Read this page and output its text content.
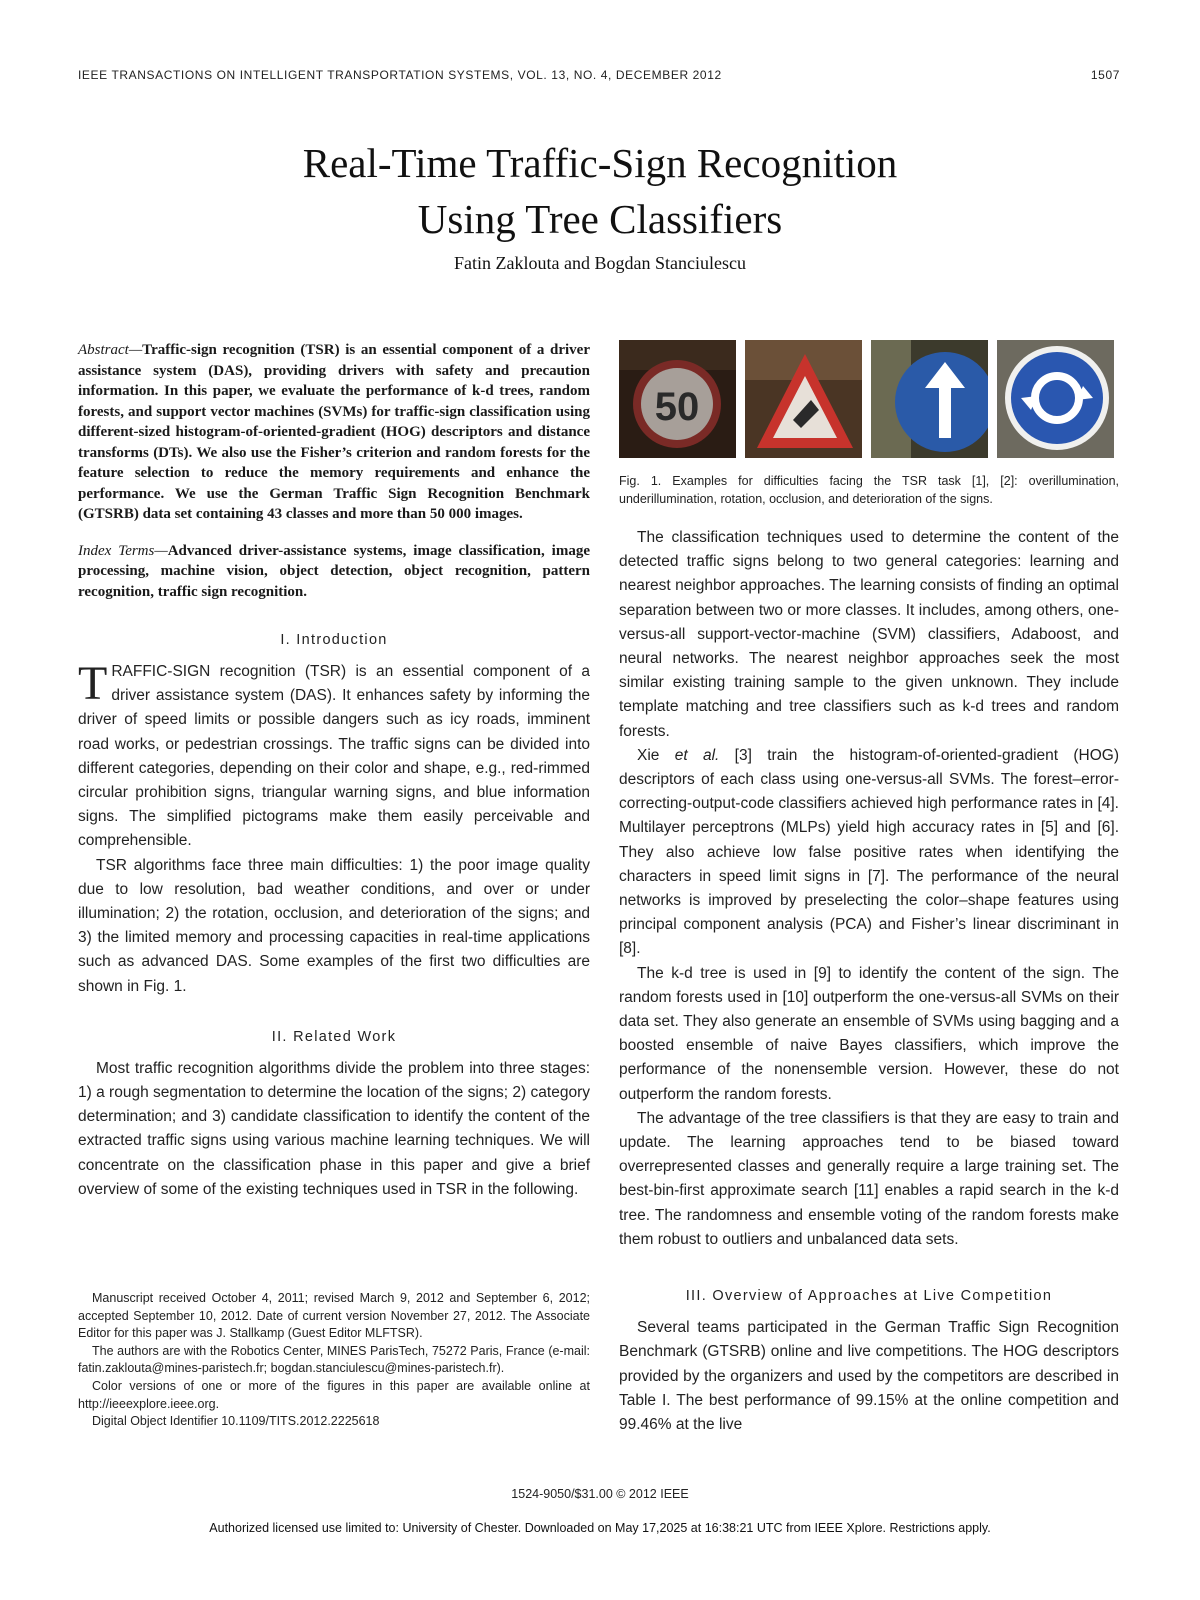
IEEE TRANSACTIONS ON INTELLIGENT TRANSPORTATION SYSTEMS, VOL. 13, NO. 4, DECEMBER 2012	1507
Real-Time Traffic-Sign Recognition
Using Tree Classifiers
Fatin Zaklouta and Bogdan Stanciulescu

Abstract—Traffic-sign recognition (TSR) is an essential component of a driver assistance system (DAS), providing drivers with safety and precaution information. In this paper, we evaluate the performance of k-d trees, random forests, and support vector machines (SVMs) for traffic-sign classification using different-sized histogram-of-oriented-gradient (HOG) descriptors and distance transforms (DTs). We also use the Fisher’s criterion and random forests for the feature selection to reduce the memory requirements and enhance the performance. We use the German Traffic Sign Recognition Benchmark (GTSRB) data set containing 43 classes and more than 50 000 images.

Index Terms—Advanced driver-assistance systems, image classification, image processing, machine vision, object detection, object recognition, pattern recognition, traffic sign recognition.

I. Introduction

TRAFFIC-SIGN recognition (TSR) is an essential component of a driver assistance system (DAS). It enhances safety by informing the driver of speed limits or possible dangers such as icy roads, imminent road works, or pedestrian crossings. The traffic signs can be divided into different categories, depending on their color and shape, e.g., red-rimmed circular prohibition signs, triangular warning signs, and blue information signs. The simplified pictograms make them easily perceivable and comprehensible.

TSR algorithms face three main difficulties: 1) the poor image quality due to low resolution, bad weather conditions, and over or under illumination; 2) the rotation, occlusion, and deterioration of the signs; and 3) the limited memory and processing capacities in real-time applications such as advanced DAS. Some examples of the first two difficulties are shown in Fig. 1.

II. Related Work

Most traffic recognition algorithms divide the problem into three stages: 1) a rough segmentation to determine the location of the signs; 2) category determination; and 3) candidate classification to identify the content of the extracted traffic signs using various machine learning techniques. We will concentrate on the classification phase in this paper and give a brief overview of some of the existing techniques used in TSR in the following.

Manuscript received October 4, 2011; revised March 9, 2012 and September 6, 2012; accepted September 10, 2012. Date of current version November 27, 2012. The Associate Editor for this paper was J. Stallkamp (Guest Editor MLFTSR).

The authors are with the Robotics Center, MINES ParisTech, 75272 Paris, France (e-mail: fatin.zaklouta@mines-paristech.fr; bogdan.stanciulescu@mines-paristech.fr).

Color versions of one or more of the figures in this paper are available online at http://ieeexplore.ieee.org.

Digital Object Identifier 10.1109/TITS.2012.2225618

50

Fig. 1. Examples for difficulties facing the TSR task [1], [2]: overillumination, underillumination, rotation, occlusion, and deterioration of the signs.

The classification techniques used to determine the content of the detected traffic signs belong to two general categories: learning and nearest neighbor approaches. The learning consists of finding an optimal separation between two or more classes. It includes, among others, one-versus-all support-vector-machine (SVM) classifiers, Adaboost, and neural networks. The nearest neighbor approaches seek the most similar existing training sample to the given unknown. They include template matching and tree classifiers such as k-d trees and random forests.

Xie et al. [3] train the histogram-of-oriented-gradient (HOG) descriptors of each class using one-versus-all SVMs. The forest–error-correcting-output-code classifiers achieved high performance rates in [4]. Multilayer perceptrons (MLPs) yield high accuracy rates in [5] and [6]. They also achieve low false positive rates when identifying the characters in speed limit signs in [7]. The performance of the neural networks is improved by preselecting the color–shape features using principal component analysis (PCA) and Fisher’s linear discriminant in [8].

The k-d tree is used in [9] to identify the content of the sign. The random forests used in [10] outperform the one-versus-all SVMs on their data set. They also generate an ensemble of SVMs using bagging and a boosted ensemble of naive Bayes classifiers, which improve the performance of the nonensemble version. However, these do not outperform the random forests.

The advantage of the tree classifiers is that they are easy to train and update. The learning approaches tend to be biased toward overrepresented classes and generally require a large training set. The best-bin-first approximate search [11] enables a rapid search in the k-d tree. The randomness and ensemble voting of the random forests make them robust to outliers and unbalanced data sets.

III. Overview of Approaches at Live Competition

Several teams participated in the German Traffic Sign Recognition Benchmark (GTSRB) online and live competitions. The HOG descriptors provided by the organizers and used by the competitors are described in Table I. The best performance of 99.15% at the online competition and 99.46% at the live

1524-9050/$31.00 © 2012 IEEE
Authorized licensed use limited to: University of Chester. Downloaded on May 17,2025 at 16:38:21 UTC from IEEE Xplore. Restrictions apply.
